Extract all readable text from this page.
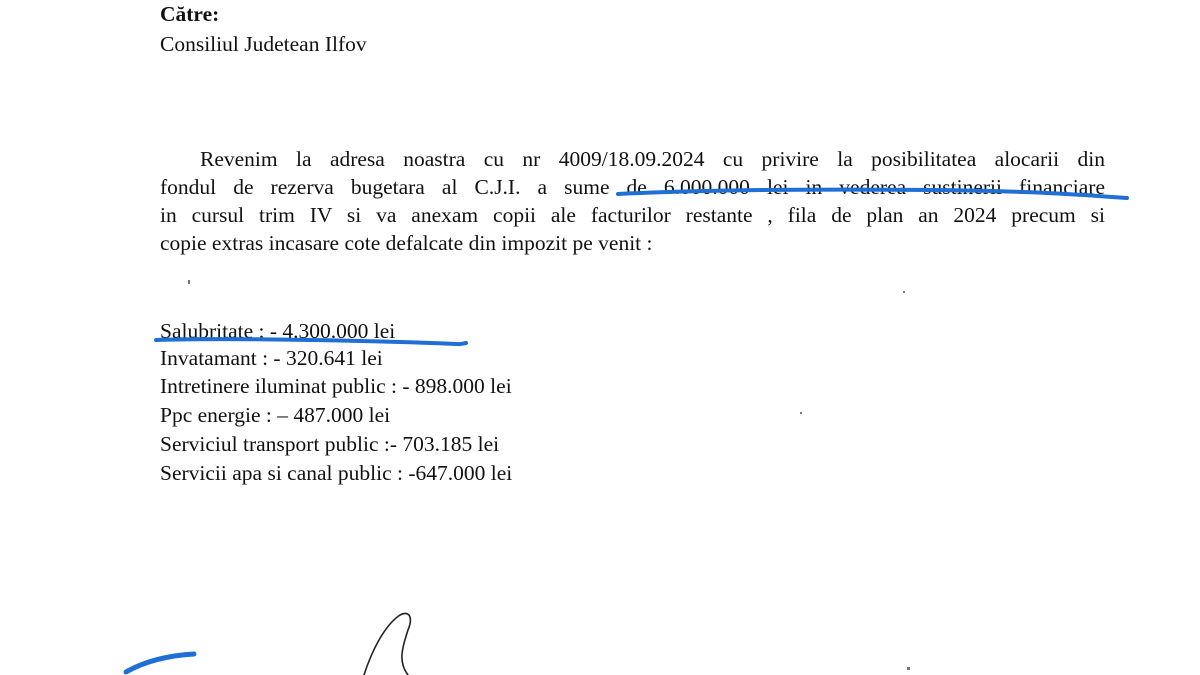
Către:
Consiliul Judetean Ilfov
Revenim la adresa noastra cu nr 4009/18.09.2024 cu privire la posibilitatea alocarii din
fondul de rezerva bugetara al C.J.I. a sume de 6.000.000 lei in vederea sustinerii financiare
in cursul trim IV si va anexam copii ale facturilor restante , fila de plan an 2024 precum si
copie extras incasare cote defalcate din impozit pe venit :
Salubritate : - 4.300.000 lei
Invatamant : - 320.641 lei
Intretinere iluminat public : - 898.000 lei
Ppc energie : – 487.000 lei
Serviciul transport public :- 703.185 lei
Servicii apa si canal public : -647.000 lei
